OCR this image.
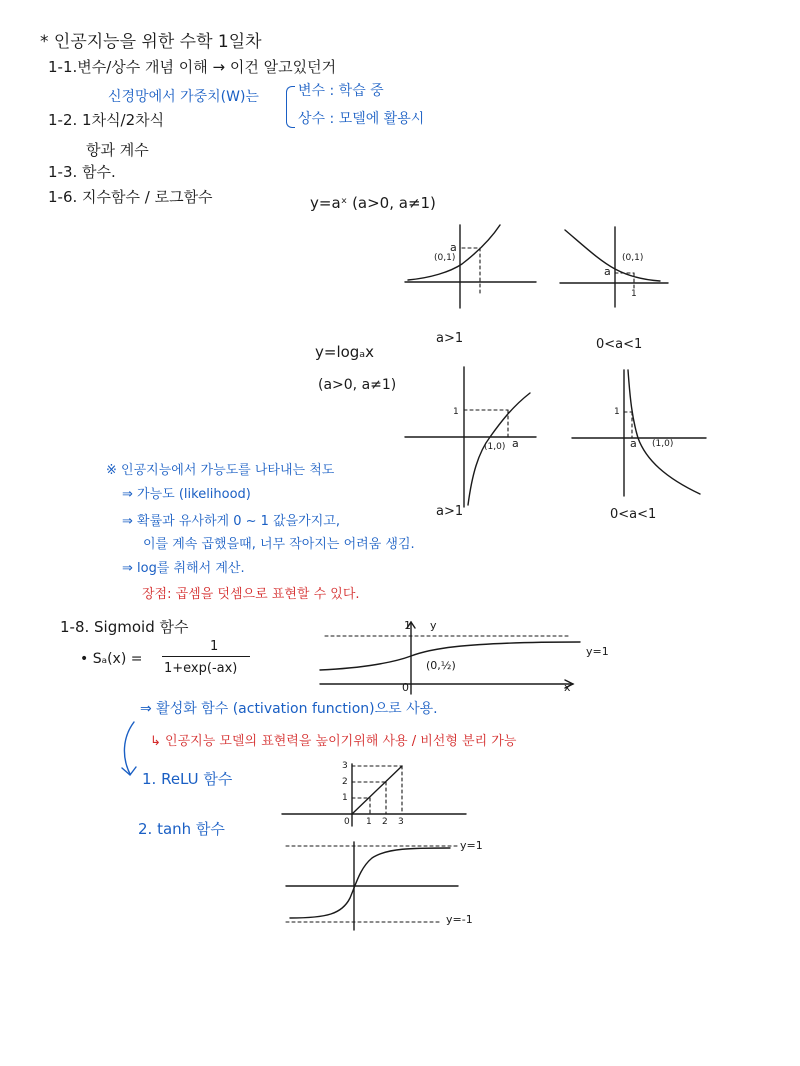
* 인공지능을 위한 수학 1일차
1-1.변수/상수 개념 이해 → 이건 알고있던거
신경망에서 가중치(W)는	변수 : 학습 중
상수 : 모델에 활용시
1-2. 1차식/2차식
항과 계수
1-3. 함수.
1-6. 지수함수 / 로그함수	y=aˣ (a>0, a≠1)
(0,1)
a
a>1
(0,1)
a
1
0<a<1
y=logₐx
(a>0, a≠1)
1
(1,0) a
a>1
1
(1,0)
a
0<a<1
※ 인공지능에서 가능도를 나타내는 척도
⇒ 가능도 (likelihood)
⇒ 확률과 유사하게 0 ~ 1 값을가지고,
이를 계속 곱했을때, 너무 작아지는 어려움 생김.
⇒ log를 취해서 계산.
장점: 곱셈을 덧셈으로 표현할 수 있다.
1-8. Sigmoid 함수
• Sₐ(x) =
1
1+exp(-ax)
y=1
1 y
x
0
(0,½)
⇒ 활성화 함수 (activation function)으로 사용.
↳ 인공지능 모델의 표현력을 높이기위해 사용 / 비선형 분리 가능
1. ReLU 함수
0 1 2 3
1
2
3
2. tanh 함수
y=1
y=-1
